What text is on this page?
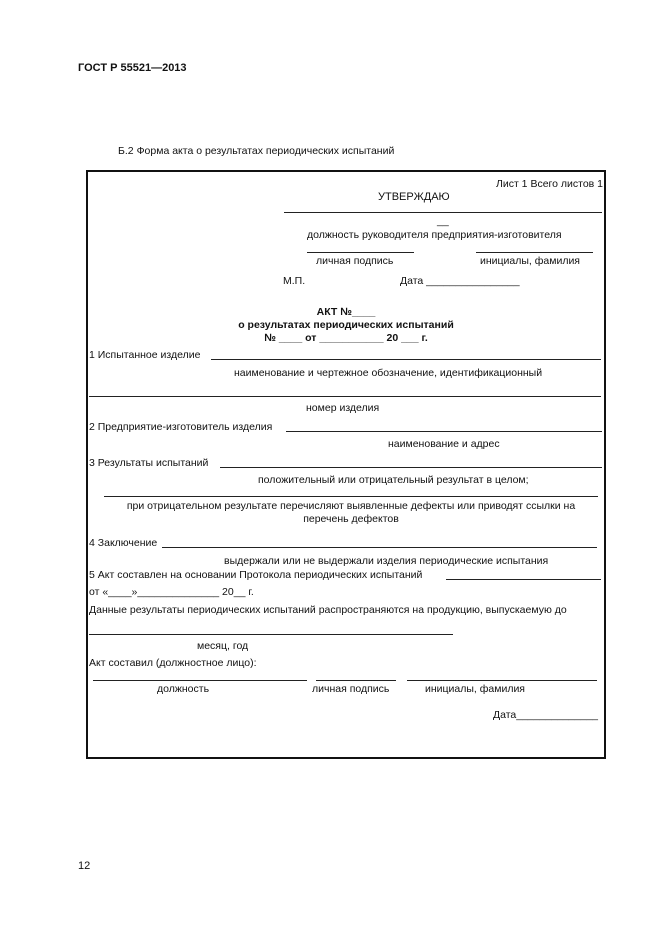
ГОСТ Р 55521—2013
Б.2 Форма акта о результатах периодических испытаний
Лист 1 Всего листов 1
УТВЕРЖДАЮ
__
должность руководителя предприятия-изготовителя
личная подпись	инициалы, фамилия
М.П.	Дата ________________
АКТ №____
о результатах периодических испытаний
№ ____ от ___________ 20 ___ г.
1 Испытанное изделие
наименование и чертежное обозначение, идентификационный
номер изделия
2 Предприятие-изготовитель изделия
наименование и адрес
3 Результаты испытаний
положительный или отрицательный результат в целом;
при отрицательном результате перечисляют выявленные дефекты или приводят ссылки на
перечень дефектов
4 Заключение
выдержали или не выдержали изделия периодические испытания
5 Акт составлен на основании Протокола периодических испытаний
от «____»______________ 20__ г.
Данные результаты периодических испытаний распространяются на продукцию, выпускаемую до
месяц, год
Акт составил (должностное лицо):
должность	личная подпись	инициалы, фамилия
Дата______________
12
